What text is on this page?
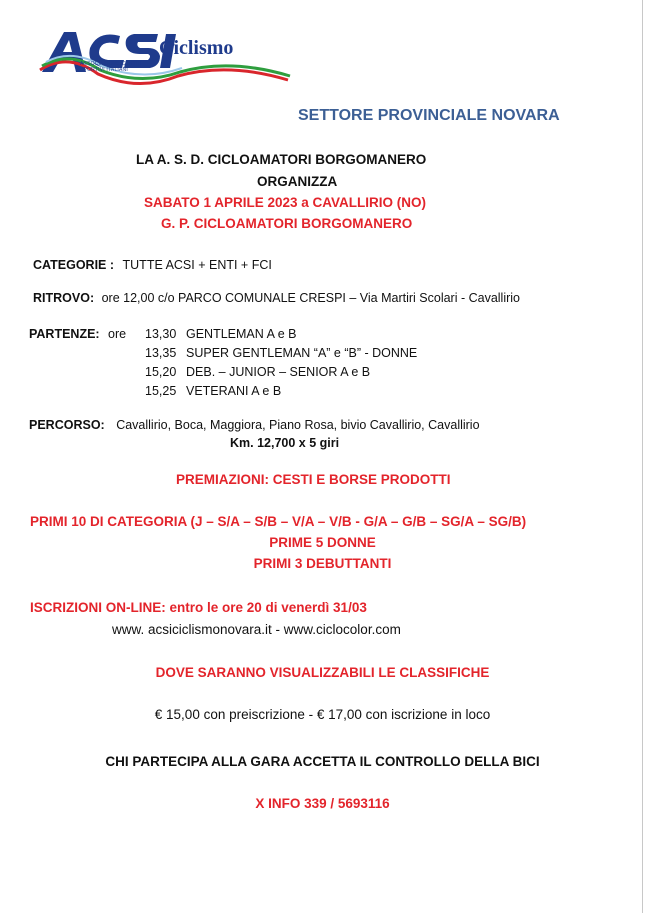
Ciclismo
ASSOCIAZIONE CENTRI SPORTIVI ITALIANI
SETTORE PROVINCIALE NOVARA
LA A. S. D. CICLOAMATORI BORGOMANERO
ORGANIZZA
SABATO 1 APRILE 2023 a CAVALLIRIO (NO)
G. P. CICLOAMATORI BORGOMANERO
CATEGORIE : TUTTE ACSI + ENTI + FCI
RITROVO: ore 12,00 c/o PARCO COMUNALE CRESPI – Via Martiri Scolari - Cavallirio
PARTENZE: ore 13,30 GENTLEMAN A e B
13,35 SUPER GENTLEMAN “A” e “B” - DONNE
15,20 DEB. – JUNIOR – SENIOR A e B
15,25 VETERANI A e B
PERCORSO: Cavallirio, Boca, Maggiora, Piano Rosa, bivio Cavallirio, Cavallirio
Km. 12,700 x 5 giri
PREMIAZIONI: CESTI E BORSE PRODOTTI
PRIMI 10 DI CATEGORIA (J – S/A – S/B – V/A – V/B - G/A – G/B – SG/A – SG/B)
PRIME 5 DONNE
PRIMI 3 DEBUTTANTI
ISCRIZIONI ON-LINE: entro le ore 20 di venerdì 31/03
www. acsiciclismonovara.it - www.ciclocolor.com
DOVE SARANNO VISUALIZZABILI LE CLASSIFICHE
€ 15,00 con preiscrizione - € 17,00 con iscrizione in loco
CHI PARTECIPA ALLA GARA ACCETTA IL CONTROLLO DELLA BICI
X INFO 339 / 5693116
